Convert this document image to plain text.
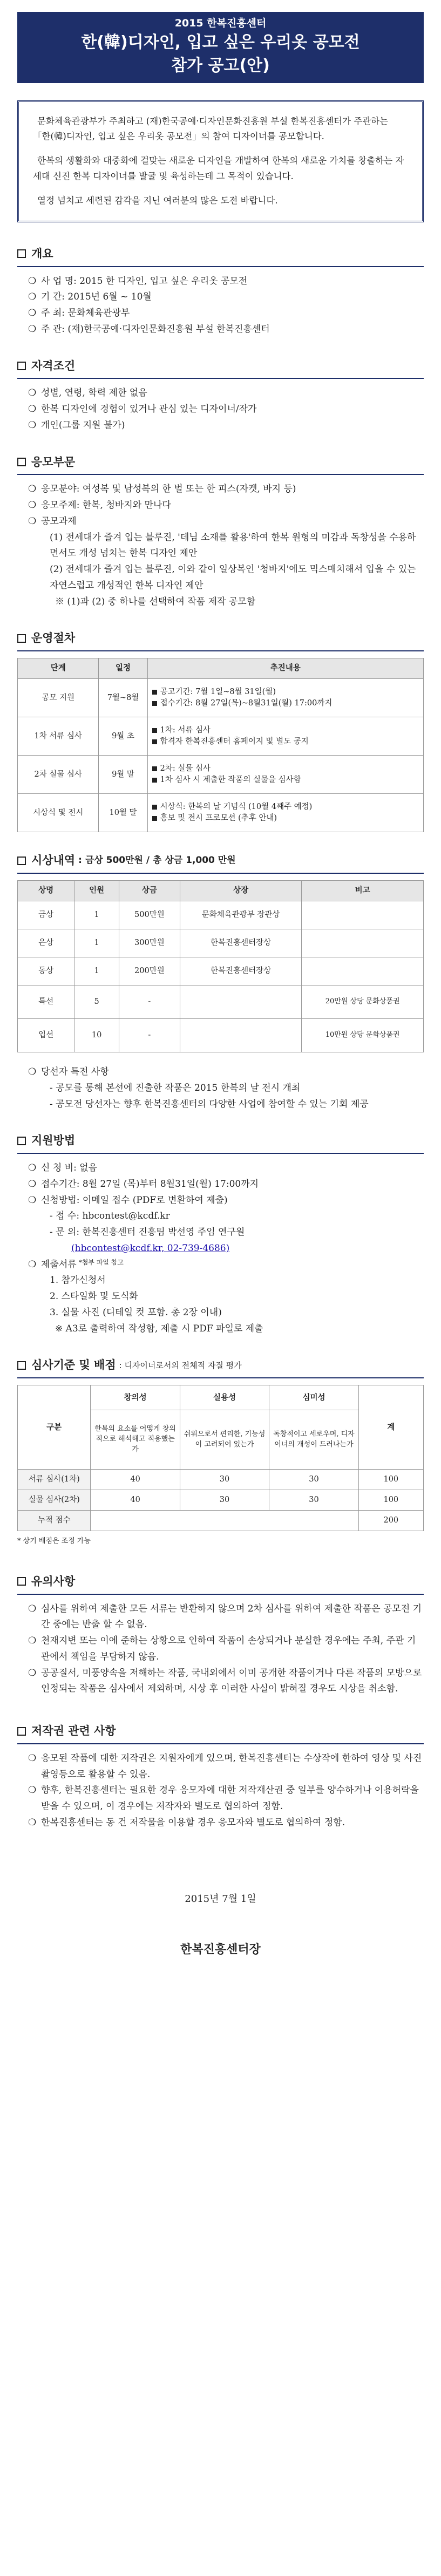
2015 한복진흥센터
한(韓)디자인, 입고 싶은 우리옷 공모전
참가 공고(안)

문화체육관광부가 주최하고 (재)한국공예·디자인문화진흥원 부설 한복진흥센터가 주관하는 「한(韓)디자인, 입고 싶은 우리옷 공모전」의 참여 디자이너를 공모합니다.

한복의 생활화와 대중화에 걸맞는 새로운 디자인을 개발하여 한복의 새로운 가치를 창출하는 자세대 신진 한복 디자이너를 발굴 및 육성하는데 그 목적이 있습니다.

열정 넘치고 세련된 감각을 지닌 여러분의 많은 도전 바랍니다.

개요
❍ 사 업 명: 2015 한 디자인, 입고 싶은 우리옷 공모전
❍ 기 간: 2015년 6월 ~ 10월
❍ 주 최: 문화체육관광부
❍ 주 관: (재)한국공예·디자인문화진흥원 부설 한복진흥센터
자격조건
❍ 성별, 연령, 학력 제한 없음
❍ 한복 디자인에 경험이 있거나 관심 있는 디자이너/작가
❍ 개인(그룹 지원 불가)
응모부문
❍ 응모분야: 여성복 및 남성복의 한 벌 또는 한 피스(자켓, 바지 등)
❍ 응모주제: 한복, 청바지와 만나다
❍ 공모과제
(1) 전세대가 즐겨 입는 블루진, '데님 소재를 활용'하여 한복 원형의 미감과 독창성을 수용하면서도 개성 넘치는 한복 디자인 제안
(2) 전세대가 즐겨 입는 블루진, 이와 같이 일상복인 '청바지'에도 믹스매치해서 입을 수 있는 자연스럽고 개성적인 한복 디자인 제안
※ (1)과 (2) 중 하나를 선택하여 작품 제작 공모함
운영절차
단계	일정	추진내용
공모 지원	7월~8월	공고기간: 7월 1일~8월 31일(월)
접수기간: 8월 27일(목)~8월31일(월) 17:00까지

1차 서류 심사	9월 초	1차: 서류 심사
합격자 한복진흥센터 홈페이지 및 별도 공지

2차 실물 심사	9월 말	2차: 실물 심사
1차 심사 시 제출한 작품의 실물을 심사함

시상식 및 전시	10월 말	시상식: 한복의 날 기념식 (10월 4째주 예정)
홍보 및 전시 프로모션 (추후 안내)
시상내역 : 금상 500만원 / 총 상금 1,000 만원
상명	인원	상금	상장	비고
금상	1	500만원	문화체육관광부 장관상	
은상	1	300만원	한복진흥센터장상	
동상	1	200만원	한복진흥센터장상	
특선	5	-		20만원 상당 문화상품권
입선	10	-		10만원 상당 문화상품권
❍ 당선자 특전 사항
- 공모를 통해 본선에 진출한 작품은 2015 한복의 날 전시 개최
- 공모전 당선자는 향후 한복진흥센터의 다양한 사업에 참여할 수 있는 기회 제공
지원방법
❍ 신 청 비: 없음
❍ 접수기간: 8월 27일 (목)부터 8월31일(월) 17:00까지
❍ 신청방법: 이메일 접수 (PDF로 변환하여 제출)
- 접 수: hbcontest@kcdf.kr
- 문 의: 한복진흥센터 진흥팀 박선영 주임 연구원
(hbcontest@kcdf.kr, 02-739-4686)
❍ 제출서류 *첨부 파일 참고
1. 참가신청서
2. 스타일화 및 도식화
3. 실물 사진 (디테일 컷 포함. 총 2장 이내)
※ A3로 출력하여 작성함, 제출 시 PDF 파일로 제출
심사기준 및 배점 : 디자이너로서의 전체적 자질 평가
구분	창의성	실용성	심미성	계
	한복의 요소를 어떻게 창의적으로 해석해고 적용했는가	쉬워으로서 편리한, 기능성이 고려되어 있는가	독창적이고 세로우며, 디자이너의 개성이 드러나는가	
서류 심사(1차)	40	30	30	100
실물 심사(2차)	40	30	30	100
누적 점수				200
* 상기 배점은 조정 가능
유의사항
❍ 심사를 위하여 제출한 모든 서류는 반환하지 않으며 2차 심사를 위하여 제출한 작품은 공모전 기간 중에는 반출 할 수 없음.
❍ 천재지변 또는 이에 준하는 상황으로 인하여 작품이 손상되거나 분실한 경우에는 주최, 주관 기관에서 책임을 부담하지 않음.
❍ 공공질서, 미풍양속을 저해하는 작품, 국내외에서 이미 공개한 작품이거나 다른 작품의 모방으로 인정되는 작품은 심사에서 제외하며, 시상 후 이러한 사실이 밝혀질 경우도 시상을 취소함.
저작권 관련 사항
❍ 응모된 작품에 대한 저작권은 지원자에게 있으며, 한복진흥센터는 수상작에 한하여 영상 및 사진 촬영등으로 활용할 수 있음.
❍ 향후, 한복진흥센터는 필요한 경우 응모자에 대한 저작재산권 중 일부를 양수하거나 이용허락을 받을 수 있으며, 이 경우에는 저작자와 별도로 협의하여 정함.
❍ 한복진흥센터는 동 건 저작물을 이용할 경우 응모자와 별도로 협의하여 정함.
2015년 7월 1일
한복진흥센터장
